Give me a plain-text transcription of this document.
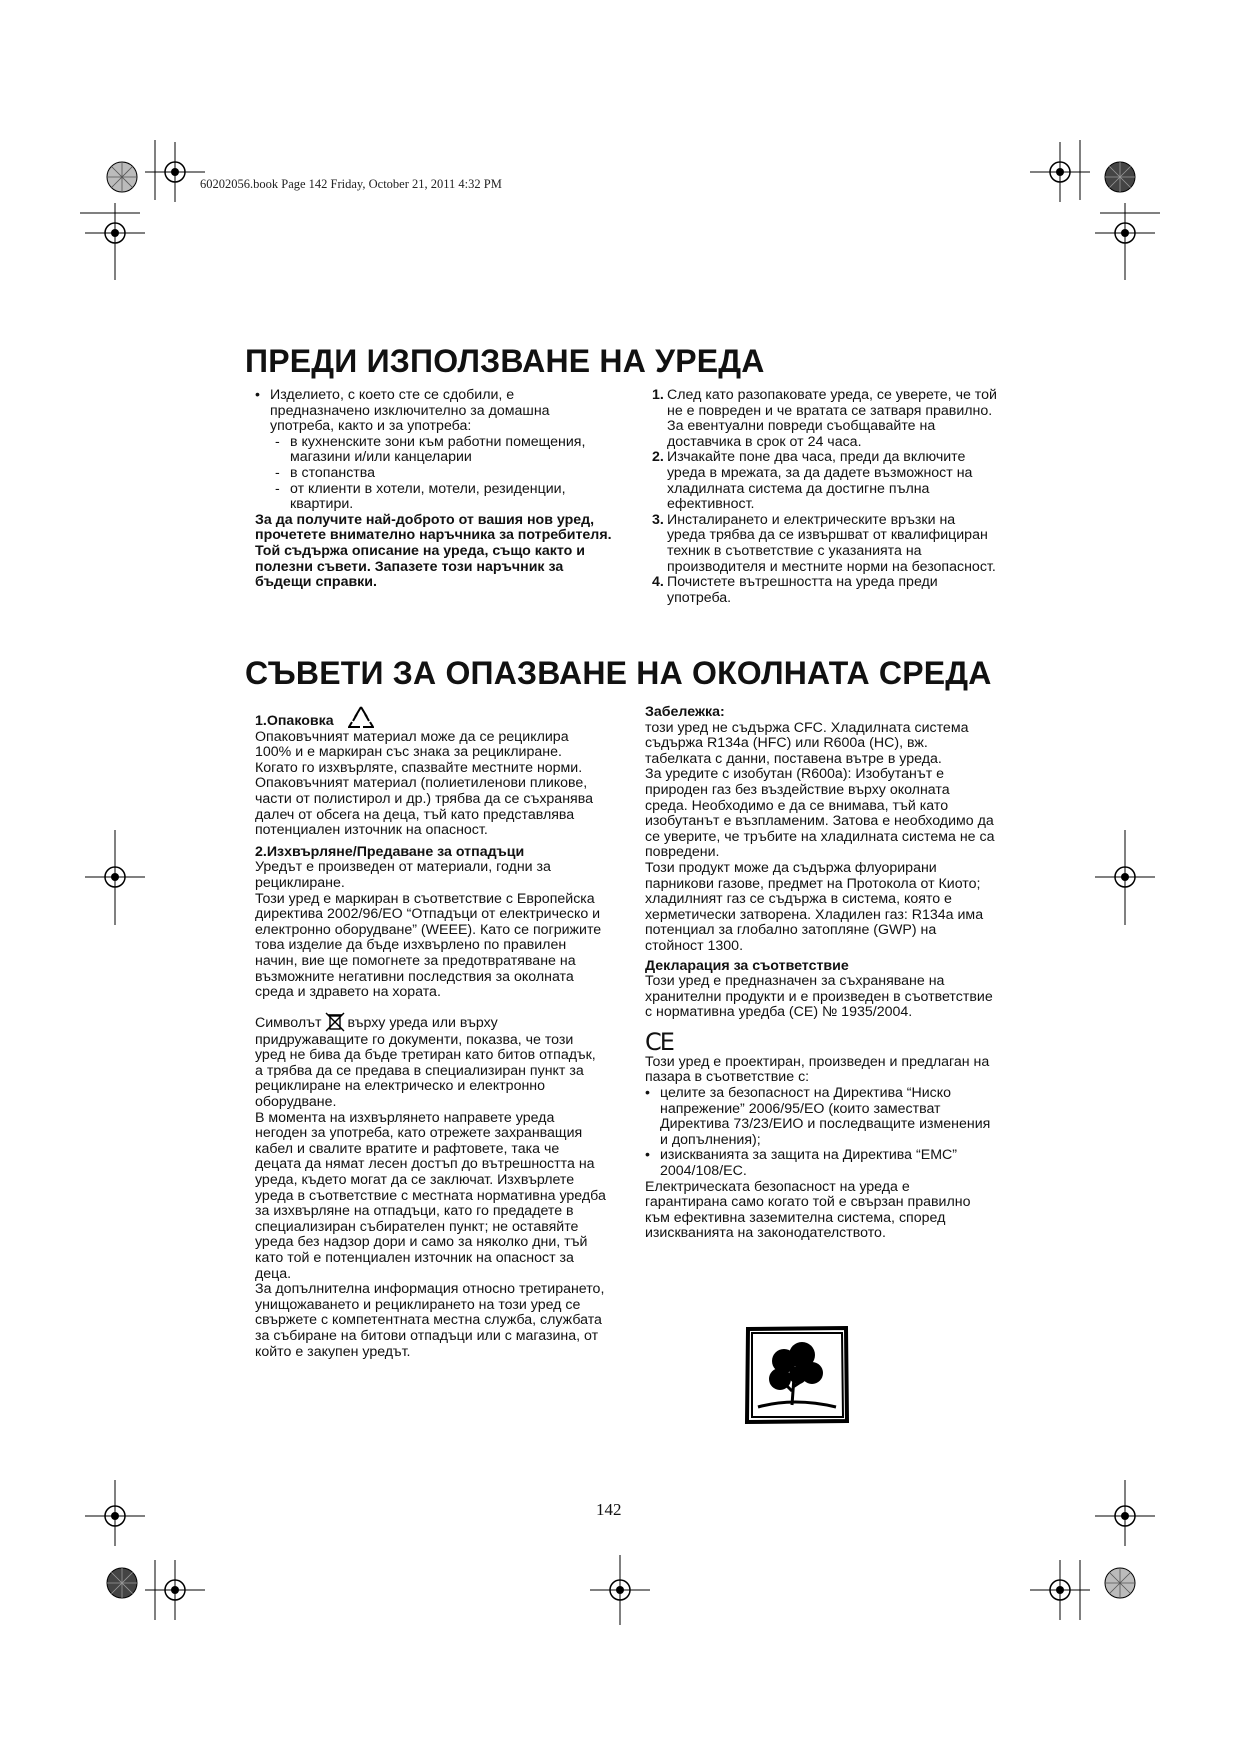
60202056.book Page 142 Friday, October 21, 2011 4:32 PM
ПРЕДИ ИЗПОЛЗВАНЕ НА УРЕДА
• Изделието, с което сте се сдобили, е предназначено изключително за домашна употреба, както и за употреба:
- в кухненските зони към работни помещения, магазини и/или канцеларии
- в стопанства
- от клиенти в хотели, мотели, резиденции, квартири.

За да получите най-доброто от вашия нов уред, прочетете внимателно наръчника за потребителя. Той съдържа описание на уреда, също както и полезни съвети. Запазете този наръчник за бъдещи справки.

1. След като разопаковате уреда, се уверете, че той не е повреден и че вратата се затваря правилно. За евентуални повреди съобщавайте на доставчика в срок от 24 часа.
2. Изчакайте поне два часа, преди да включите уреда в мрежата, за да дадете възможност на хладилната система да достигне пълна ефективност.
3. Инсталирането и електрическите връзки на уреда трябва да се извършват от квалифициран техник в съответствие с указанията на производителя и местните норми на безопасност.
4. Почистете вътрешността на уреда преди употреба.
СЪВЕТИ ЗА ОПАЗВАНЕ НА ОКОЛНАТА СРЕДА

1.Опаковка

Опаковъчният материал може да се рециклира 100% и е маркиран със знака за рециклиране. Когато го изхвърляте, спазвайте местните норми.

Опаковъчният материал (полиетиленови пликове, части от полистирол и др.) трябва да се съхранява далеч от обсега на деца, тъй като представлява потенциален източник на опасност.

2.Изхвърляне/Предаване за отпадъци

Уредът е произведен от материали, годни за рециклиране.

Този уред е маркиран в съответствие с Европейска директива 2002/96/ЕО “Отпадъци от електрическо и електронно оборудване” (WEEE). Като се погрижите това изделие да бъде изхвърлено по правилен начин, вие ще помогнете за предотвратяване на възможните негативни последствия за околната среда и здравето на хората.

Символът върху уреда или върху придружаващите го документи, показва, че този уред не бива да бъде третиран като битов отпадък, а трябва да се предава в специализиран пункт за рециклиране на електрическо и електронно оборудване.

В момента на изхвърлянето направете уреда негоден за употреба, като отрежете захранващия кабел и свалите вратите и рафтовете, така че децата да нямат лесен достъп до вътрешността на уреда, където могат да се заключат. Изхвърлете уреда в съответствие с местната нормативна уредба за изхвърляне на отпадъци, като го предадете в специализиран събирателен пункт; не оставяйте уреда без надзор дори и само за няколко дни, тъй като той е потенциален източник на опасност за деца.

За допълнителна информация относно третирането, унищожаването и рециклирането на този уред се свържете с компетентната местна служба, службата за събиране на битови отпадъци или с магазина, от който е закупен уредът.

Забележка:

този уред не съдържа CFC. Хладилната система съдържа R134a (HFC) или R600a (HC), вж. табелката с данни, поставена вътре в уреда.

За уредите с изобутан (R600a): Изобутанът е природен газ без въздействие върху околната среда. Необходимо е да се внимава, тъй като изобутанът е възпламеним. Затова е необходимо да се уверите, че тръбите на хладилната система не са повредени.

Този продукт може да съдържа флуорирани парникови газове, предмет на Протокола от Киото; хладилният газ се съдържа в система, която е херметически затворена. Хладилен газ: R134a има потенциал за глобално затопляне (GWP) на стойност 1300.

Декларация за съответствие

Този уред е предназначен за съхраняване на хранителни продукти и е произведен в съответствие с нормативна уредба (CE) № 1935/2004.

CE

Този уред е проектиран, произведен и предлаган на пазара в съответствие с:

• целите за безопасност на Директива “Ниско напрежение” 2006/95/ЕО (които заместват Директива 73/23/ЕИО и последващите изменения и допълнения);
• изискванията за защита на Директива “EMC” 2004/108/EC.

Електрическата безопасност на уреда е гарантирана само когато той е свързан правилно към ефективна заземителна система, според изискванията на законодателството.

142
